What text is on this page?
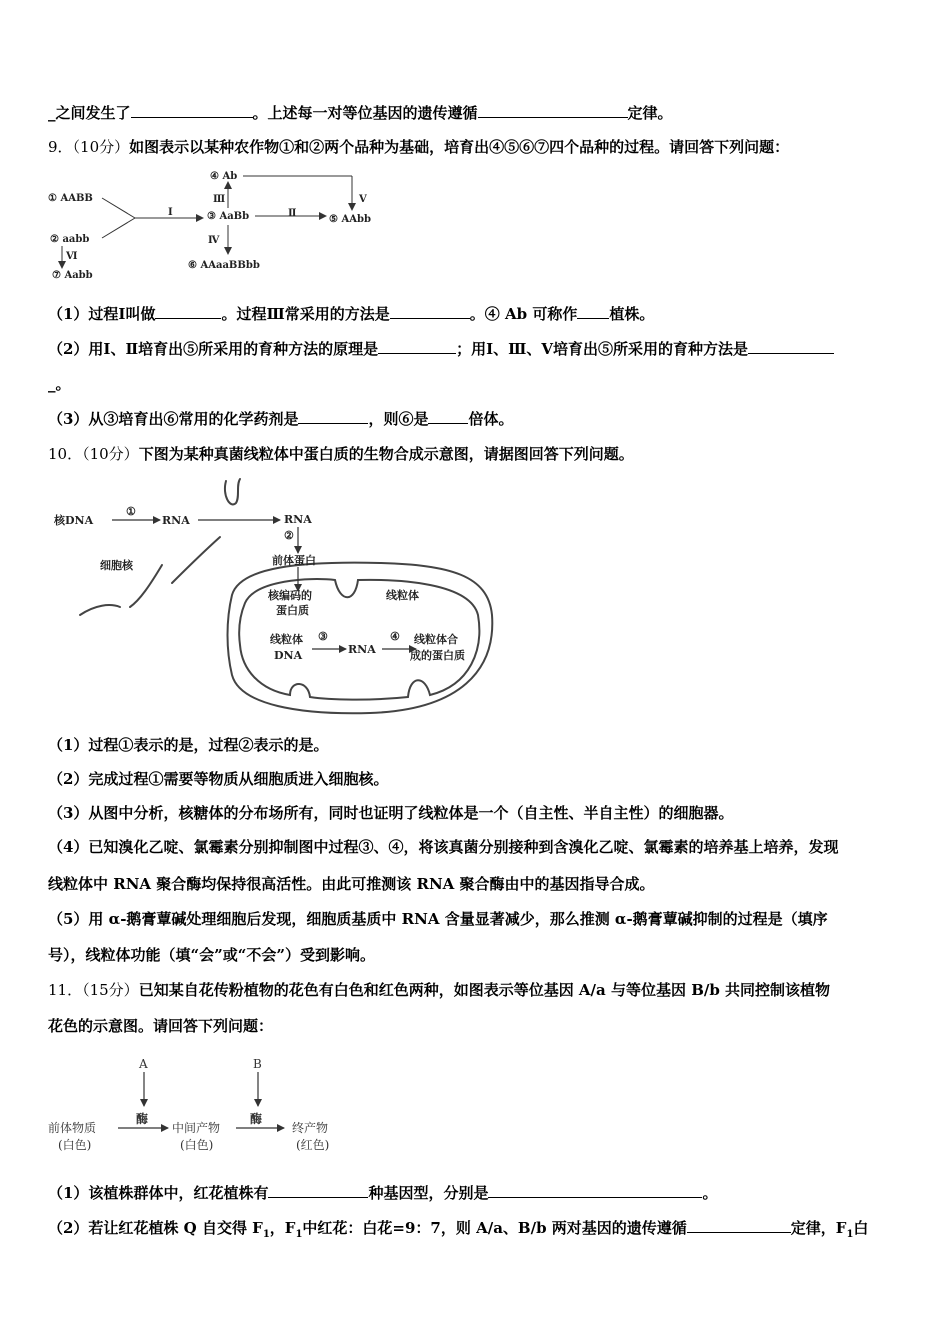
_之间发生了	。上述每一对等位基因的遗传遵循	定律。
9．（10分）如图表示以某种农作物①和②两个品种为基础，培育出④⑤⑥⑦四个品种的过程。请回答下列问题：
① AABB
② aabb
③ AaBb
④ Ab
⑤ AAbb
⑥ AAaaBBbb
⑦ Aabb
Ⅰ	Ⅱ
Ⅲ
Ⅳ
Ⅴ
Ⅵ
（1）过程Ⅰ叫做	。过程Ⅲ常采用的方法是	。④ Ab 可称作 植株。
（2）用Ⅰ、Ⅱ培育出⑤所采用的育种方法的原理是	；用Ⅰ、Ⅲ、Ⅴ培育出⑤所采用的育种方法是
_。
（3）从③培育出⑥常用的化学药剂是	，则⑥是	倍体。
10．（10分）下图为某种真菌线粒体中蛋白质的生物合成示意图，请据图回答下列问题。
核DNA
①
RNA	RNA
②
前体蛋白
细胞核
核编码的
蛋白质
线粒体
线粒体
DNA
③
RNA
④ 线粒体合
成的蛋白质
（1）过程①表示的是，过程②表示的是。
（2）完成过程①需要等物质从细胞质进入细胞核。
（3）从图中分析，核糖体的分布场所有，同时也证明了线粒体是一个（自主性、半自主性）的细胞器。
（4）已知溴化乙啶、氯霉素分别抑制图中过程③、④，将该真菌分别接种到含溴化乙啶、氯霉素的培养基上培养，发现
线粒体中 RNA 聚合酶均保持很高活性。由此可推测该 RNA 聚合酶由中的基因指导合成。
（5）用 α-鹅膏蕈碱处理细胞后发现，细胞质基质中 RNA 含量显著减少，那么推测 α-鹅膏蕈碱抑制的过程是（填序
号），线粒体功能（填“会”或“不会”）受到影响。
11．（15分）已知某自花传粉植物的花色有白色和红色两种，如图表示等位基因 A/a 与等位基因 B/b 共同控制该植物
花色的示意图。请回答下列问题：
A	B
酶	酶
前体物质
(白色)
中间产物
(白色)
终产物
(红色)
（1）该植株群体中，红花植株有	种基因型，分别是	。
（2）若让红花植株 Q 自交得 $F_1$，$F_1$中红花：白花=9：7，则 A/a、B/b 两对基因的遗传遵循	定律，$F_1$白
